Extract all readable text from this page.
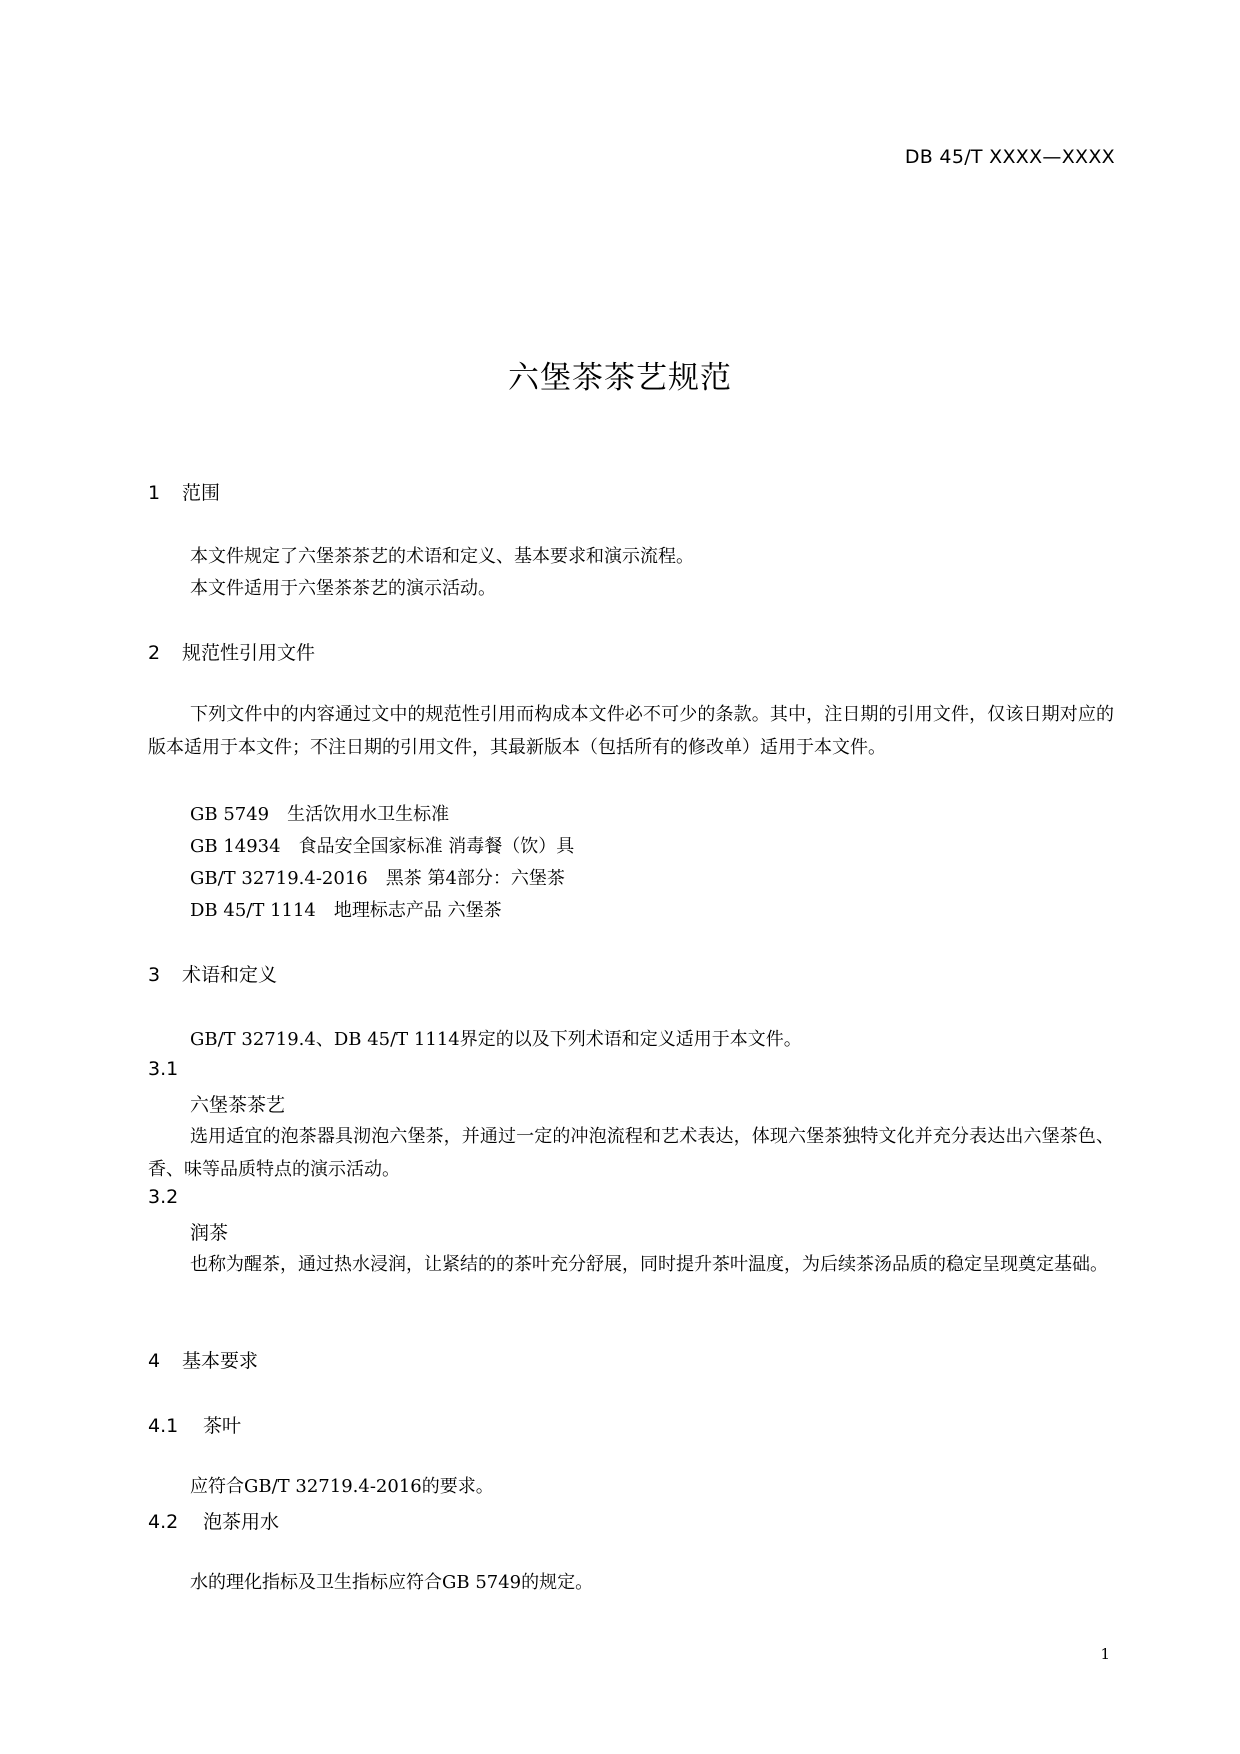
DB 45/T XXXX—XXXX
六堡茶茶艺规范
1 范围
本文件规定了六堡茶茶艺的术语和定义、基本要求和演示流程。
本文件适用于六堡茶茶艺的演示活动。
2 规范性引用文件
下列文件中的内容通过文中的规范性引用而构成本文件必不可少的条款。其中，注日期的引用文件，仅该日期对应的版本适用于本文件；不注日期的引用文件，其最新版本（包括所有的修改单）适用于本文件。
GB 5749　生活饮用水卫生标准
GB 14934　食品安全国家标准 消毒餐（饮）具
GB/T 32719.4-2016　黑茶 第4部分：六堡茶
DB 45/T 1114　地理标志产品 六堡茶
3 术语和定义
GB/T 32719.4、DB 45/T 1114界定的以及下列术语和定义适用于本文件。
3.1
六堡茶茶艺
选用适宜的泡茶器具沏泡六堡茶，并通过一定的冲泡流程和艺术表达，体现六堡茶独特文化并充分表达出六堡茶色、香、味等品质特点的演示活动。
3.2
润茶
也称为醒茶，通过热水浸润，让紧结的的茶叶充分舒展，同时提升茶叶温度，为后续茶汤品质的稳定呈现奠定基础。
4 基本要求
4.1 茶叶
应符合GB/T 32719.4-2016的要求。
4.2 泡茶用水
水的理化指标及卫生指标应符合GB 5749的规定。
1
